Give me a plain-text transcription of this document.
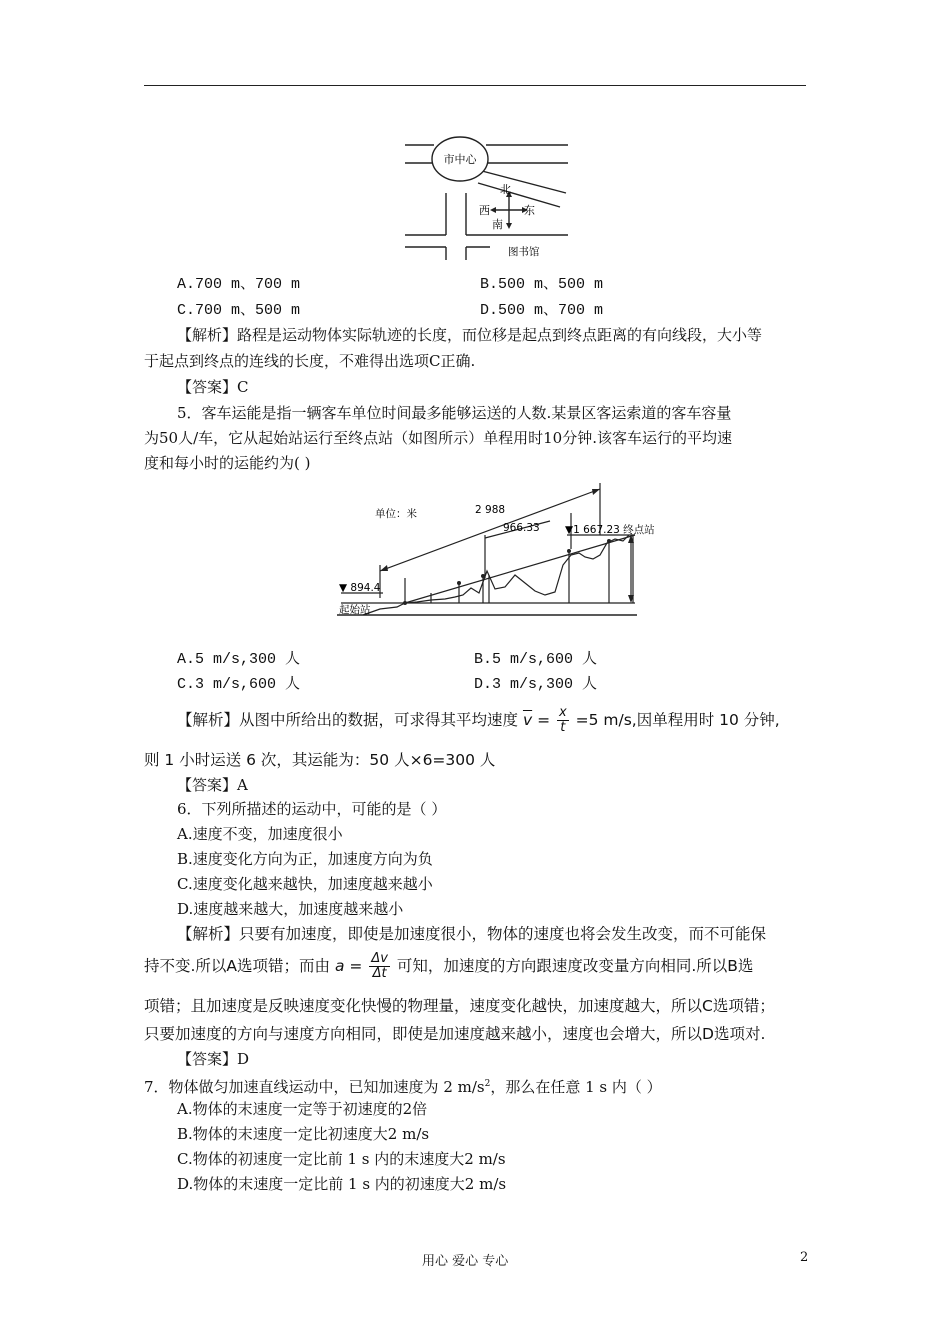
市中心
北
西	东
南
图书馆
A.700 m、700 m	B.500 m、500 m
C.700 m、500 m	D.500 m、700 m
【解析】路程是运动物体实际轨迹的长度，而位移是起点到终点距离的有向线段，大小等
于起点到终点的连线的长度，不难得出选项C正确.
【答案】C
5．客车运能是指一辆客车单位时间最多能够运送的人数.某景区客运索道的客车容量
为50人/车，它从起始站运行至终点站（如图所示）单程用时10分钟.该客车运行的平均速
度和每小时的运能约为( )
单位：米	2 988
966.33 ▼1 667.23 终点站
▼ 894.4
起始站
A.5 m/s,300 人	B.5 m/s,600 人
C.3 m/s,600 人	D.3 m/s,300 人
【解析】从图中所给出的数据，可求得其平均速度 $\overline{v} = \frac{x}{t} =5$ m/s,因单程用时 10 分钟,
则 1 小时运送 6 次，其运能为：50 人×6=300 人
【答案】A
6．下列所描述的运动中，可能的是（ ）
A.速度不变，加速度很小
B.速度变化方向为正，加速度方向为负
C.速度变化越来越快，加速度越来越小
D.速度越来越大，加速度越来越小
【解析】只要有加速度，即使是加速度很小，物体的速度也将会发生改变，而不可能保
持不变.所以A选项错；而由 $a = \frac{\Delta v}{\Delta t}$ 可知，加速度的方向跟速度改变量方向相同.所以B选
项错；且加速度是反映速度变化快慢的物理量，速度变化越快，加速度越大，所以C选项错；
只要加速度的方向与速度方向相同，即使是加速度越来越小，速度也会增大，所以D选项对.
【答案】D
7．物体做匀加速直线运动中，已知加速度为 2 $m/s^2$，那么在任意 1 s 内（ ）
A.物体的末速度一定等于初速度的2倍
B.物体的末速度一定比初速度大2 m/s
C.物体的初速度一定比前 1 s 内的末速度大2 m/s
D.物体的末速度一定比前 1 s 内的初速度大2 m/s
用心 爱心 专心	2
